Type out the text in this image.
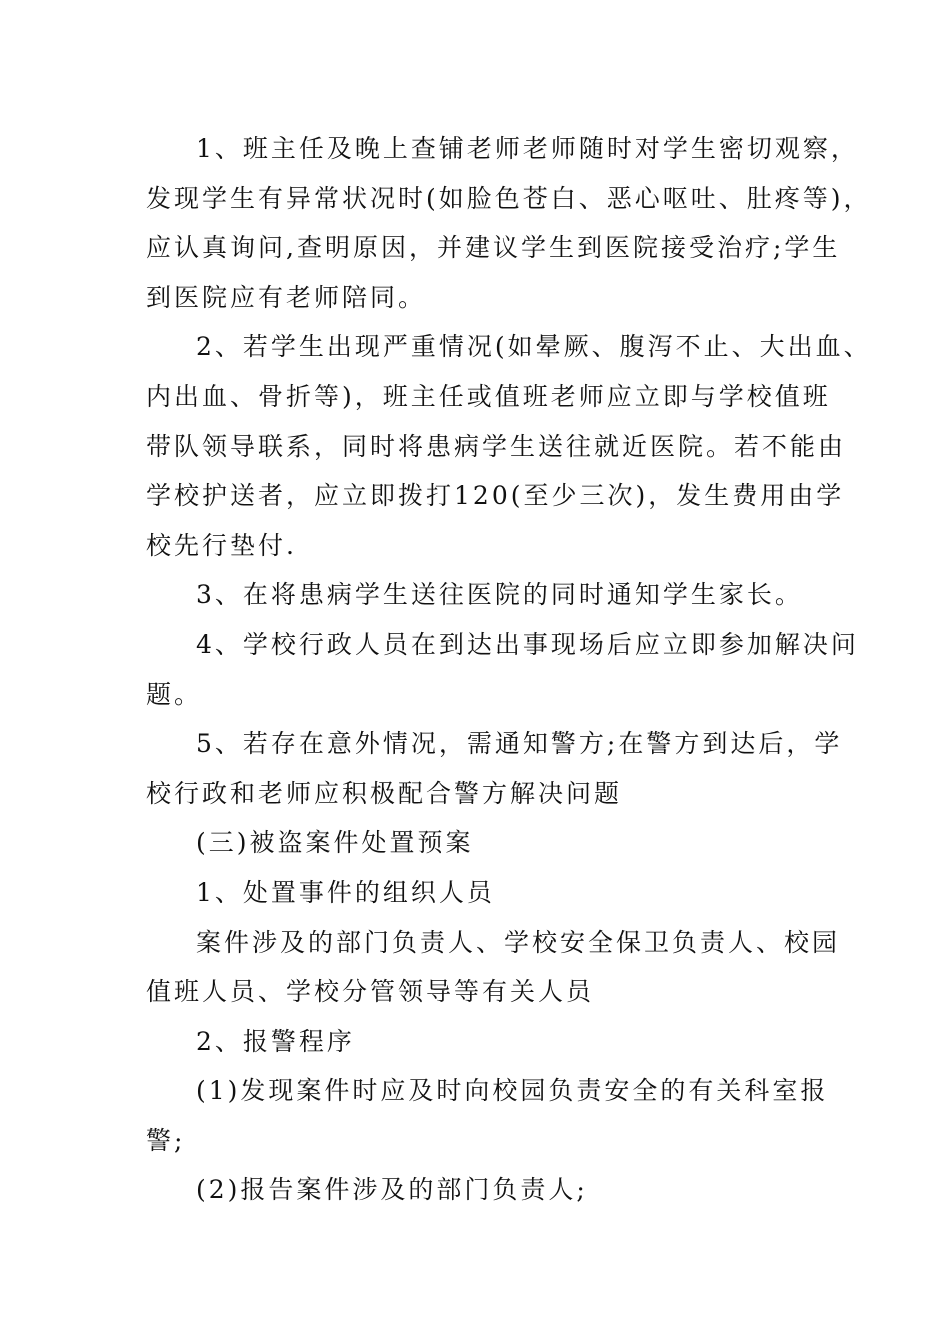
1、班主任及晚上查铺老师老师随时对学生密切观察，
发现学生有异常状况时(如脸色苍白、恶心呕吐、肚疼等)，
应认真询问,查明原因，并建议学生到医院接受治疗;学生
到医院应有老师陪同。
2、若学生出现严重情况(如晕厥、腹泻不止、大出血、
内出血、骨折等)，班主任或值班老师应立即与学校值班
带队领导联系，同时将患病学生送往就近医院。若不能由
学校护送者，应立即拨打120(至少三次)，发生费用由学
校先行垫付.
3、在将患病学生送往医院的同时通知学生家长。
4、学校行政人员在到达出事现场后应立即参加解决问
题。
5、若存在意外情况，需通知警方;在警方到达后，学
校行政和老师应积极配合警方解决问题
(三)被盗案件处置预案
1、处置事件的组织人员
案件涉及的部门负责人、学校安全保卫负责人、校园
值班人员、学校分管领导等有关人员
2、报警程序
(1)发现案件时应及时向校园负责安全的有关科室报
警;
(2)报告案件涉及的部门负责人;
